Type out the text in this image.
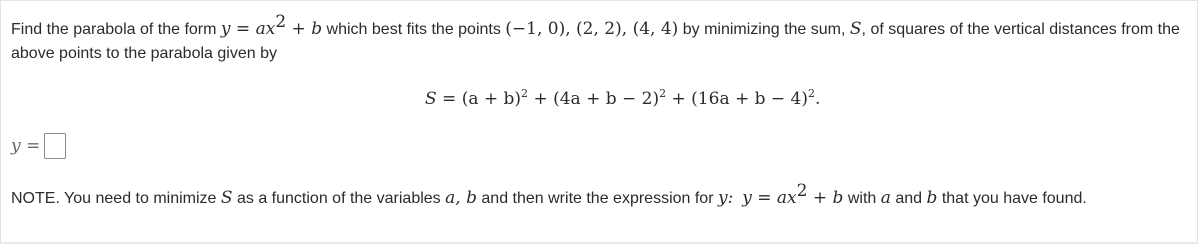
Find the parabola of the form $y = ax^2 + b$ which best fits the points (−1, 0), (2, 2), (4, 4) by minimizing the sum, S, of squares of the vertical distances from the
above points to the parabola given by
$S = (a + b)^2 + (4a + b - 2)^2 + (16a + b - 4)^2$.
y =
NOTE. You need to minimize S as a function of the variables a, b and then write the expression for y: $y = ax^2 + b$ with a and b that you have found.
